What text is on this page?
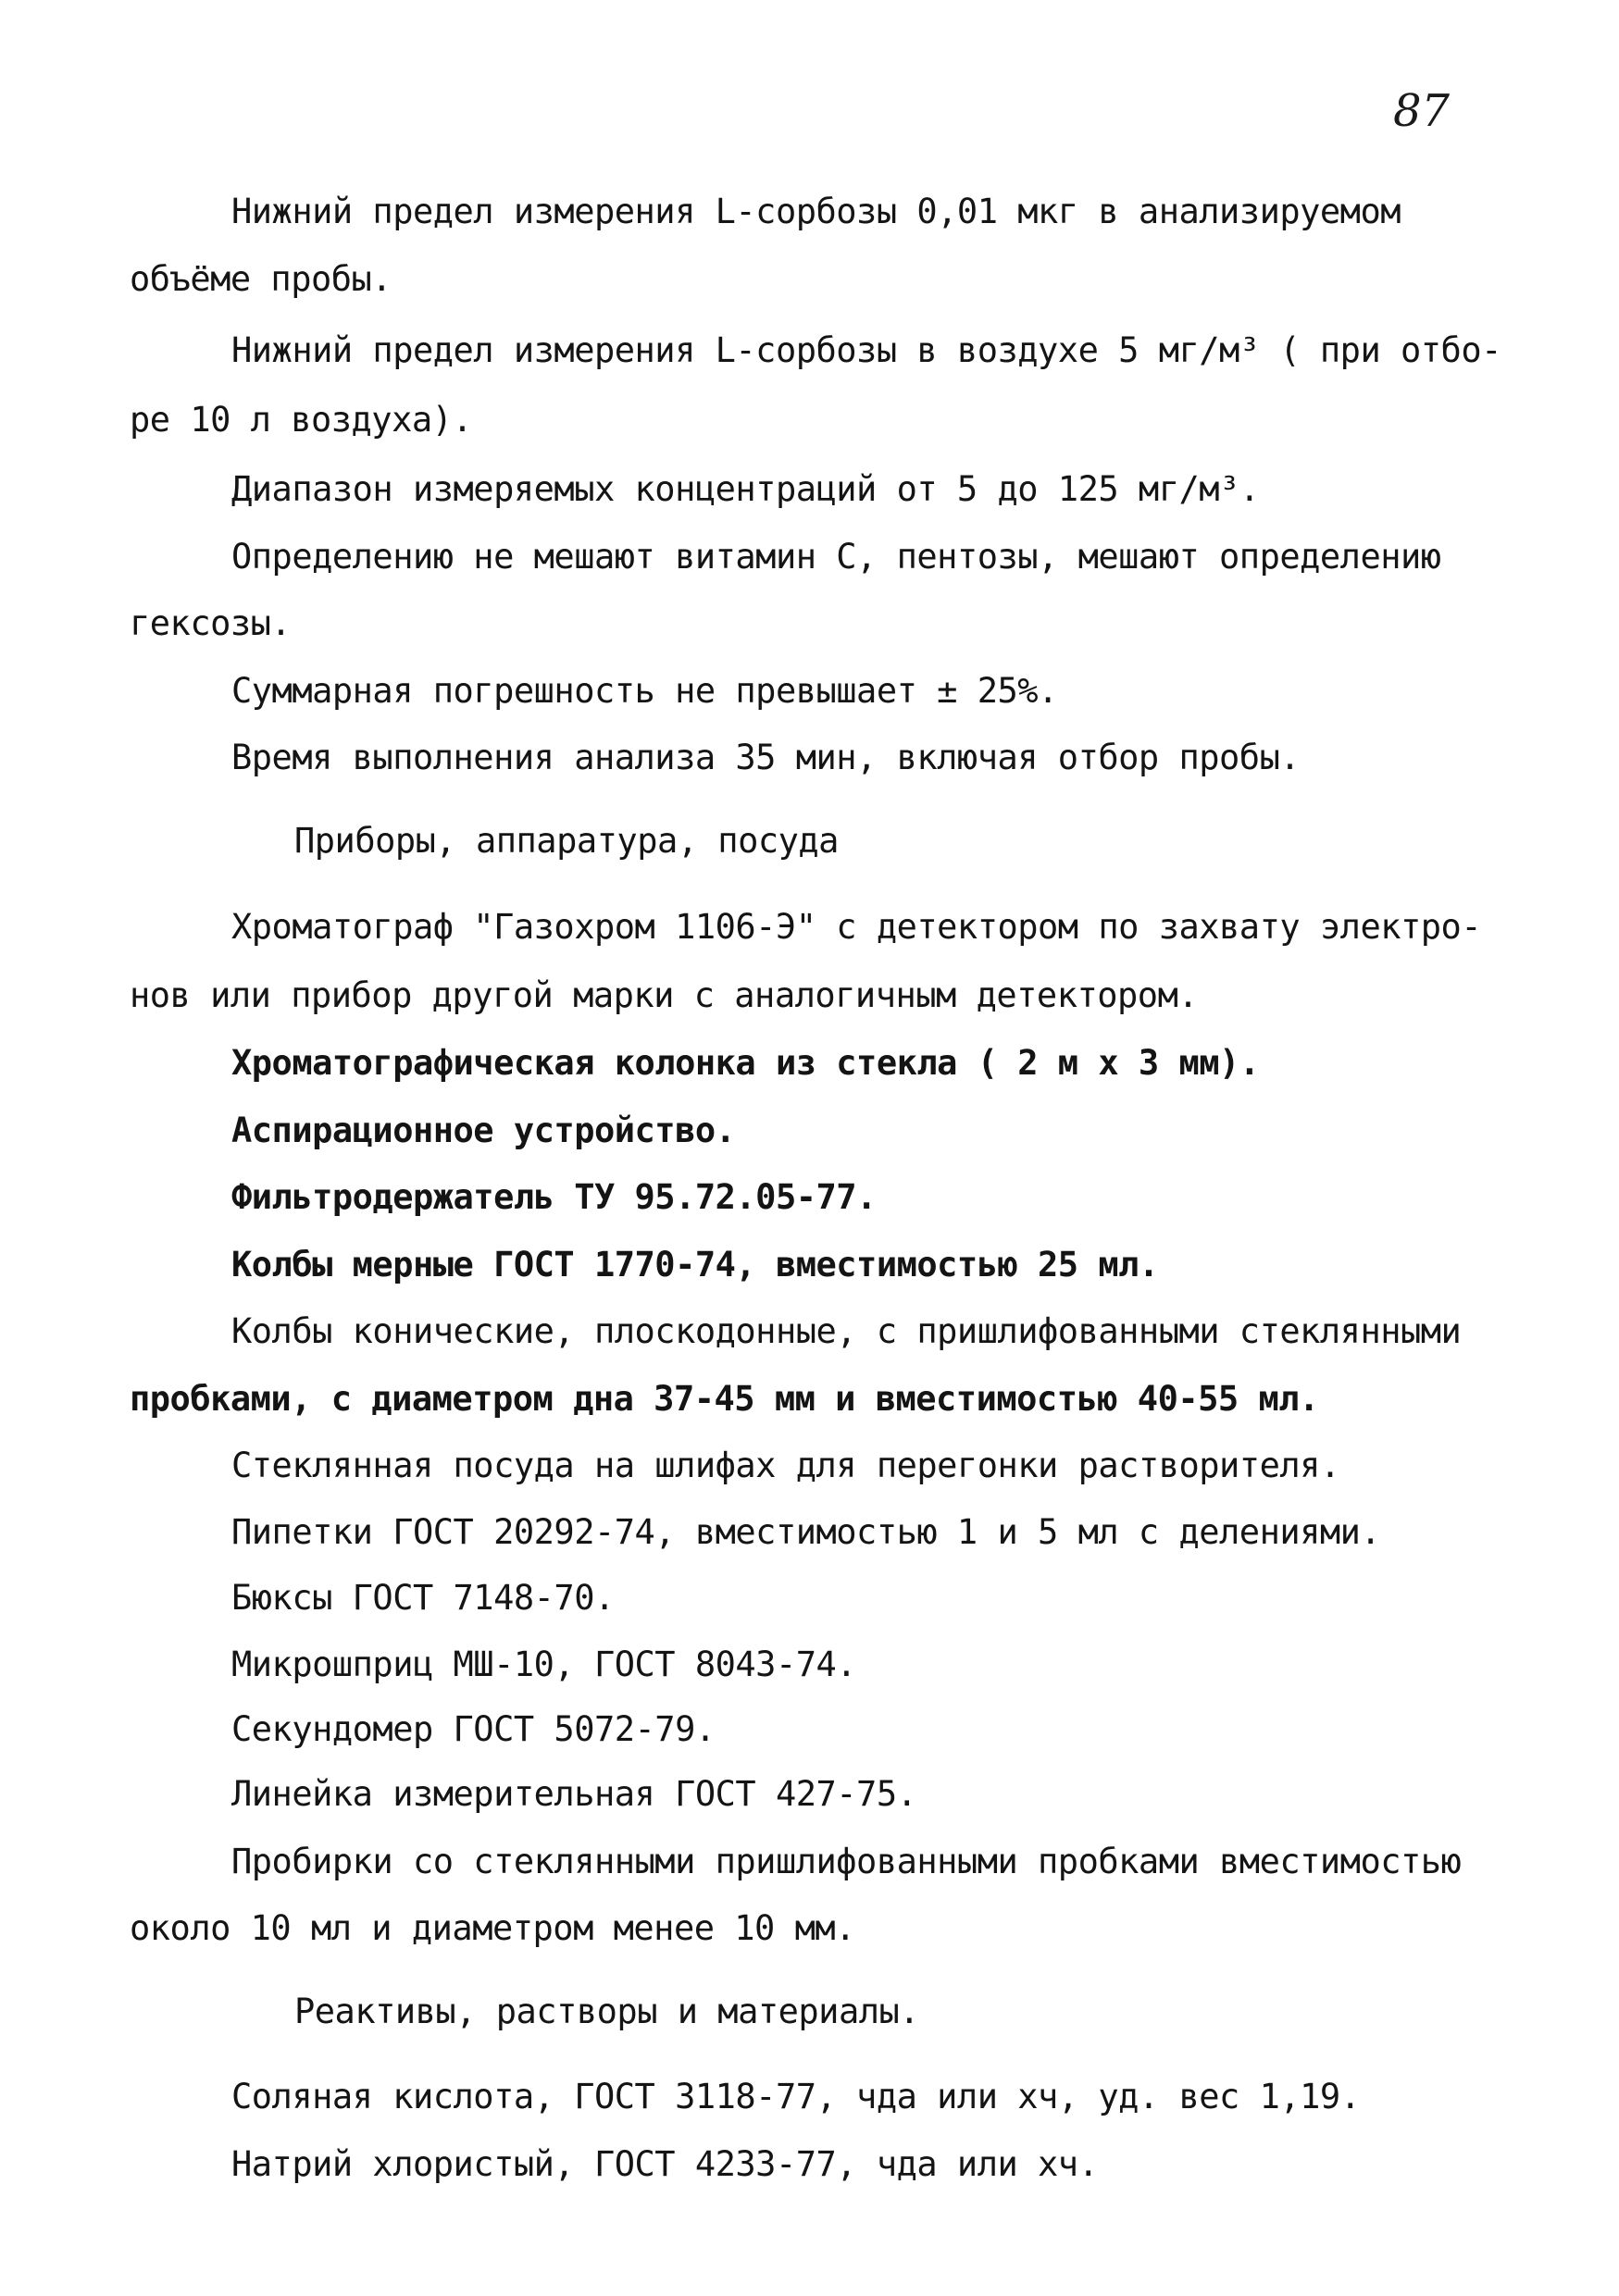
87
Нижний предел измерения L-сорбозы 0,01 мкг в анализируемом
объёме пробы.
Нижний предел измерения L-сорбозы в воздухе 5 мг/м³ ( при отбо-
ре 10 л воздуха).
Диапазон измеряемых концентраций от 5 до 125 мг/м³.
Определению не мешают витамин С, пентозы, мешают определению
гексозы.
Суммарная погрешность не превышает ± 25%.
Время выполнения анализа 35 мин, включая отбор пробы.
Приборы, аппаратура, посуда
Хроматограф "Газохром 1106-Э" с детектором по захвату электро-
нов или прибор другой марки с аналогичным детектором.
Хроматографическая колонка из стекла ( 2 м х 3 мм).
Аспирационное устройство.
Фильтродержатель ТУ 95.72.05-77.
Колбы мерные ГОСТ 1770-74, вместимостью 25 мл.
Колбы конические, плоскодонные, с пришлифованными стеклянными
пробками, с диаметром дна 37-45 мм и вместимостью 40-55 мл.
Стеклянная посуда на шлифах для перегонки растворителя.
Пипетки ГОСТ 20292-74, вместимостью 1 и 5 мл с делениями.
Бюксы ГОСТ 7148-70.
Микрошприц МШ-10, ГОСТ 8043-74.
Секундомер ГОСТ 5072-79.
Линейка измерительная ГОСТ 427-75.
Пробирки со стеклянными пришлифованными пробками вместимостью
около 10 мл и диаметром менее 10 мм.
Реактивы, растворы и материалы.
Соляная кислота, ГОСТ 3118-77, чда или хч, уд. вес 1,19.
Натрий хлористый, ГОСТ 4233-77, чда или хч.
